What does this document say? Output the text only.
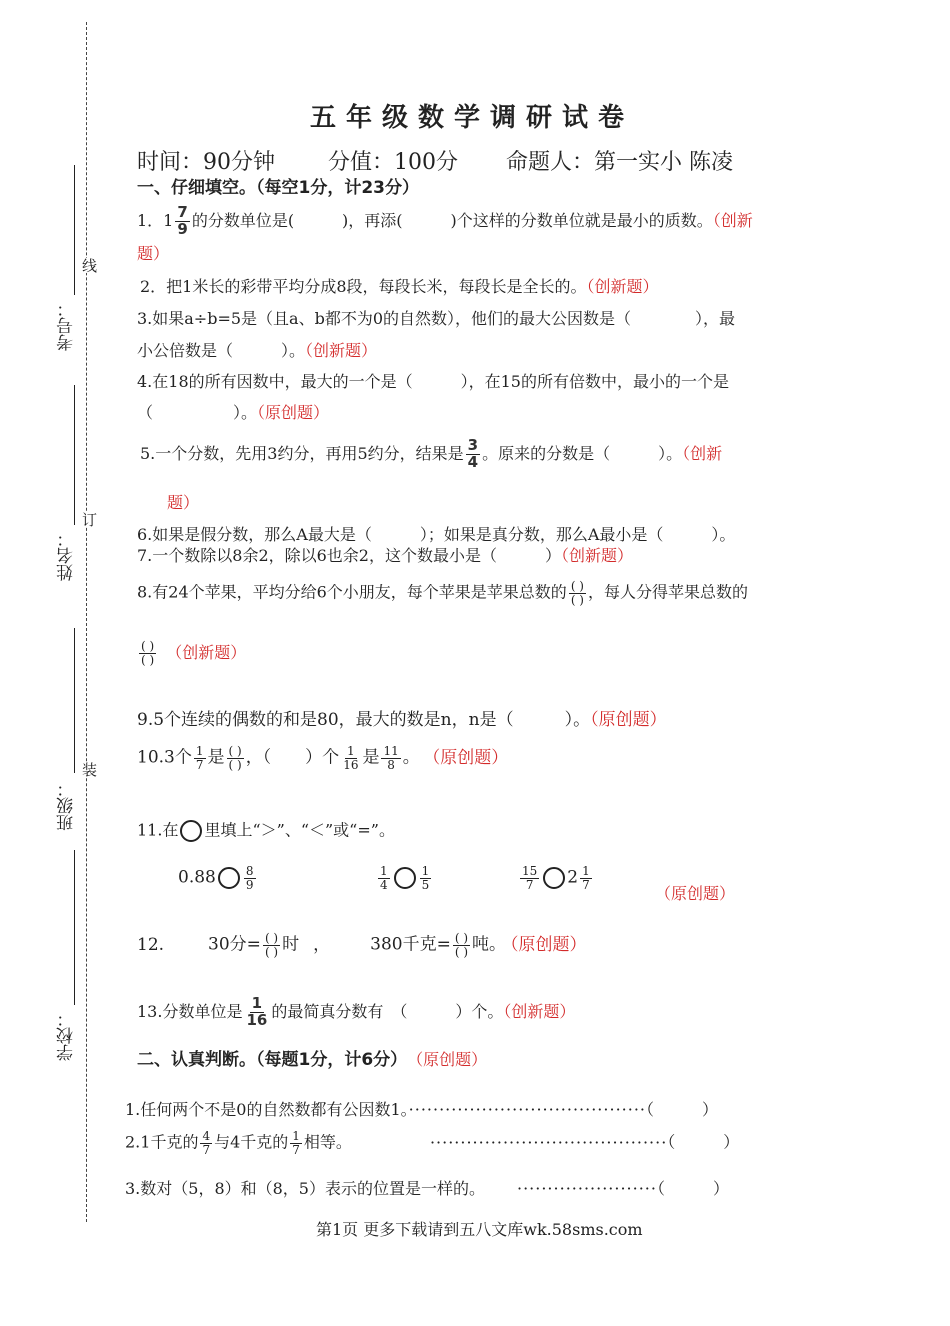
线
订
装
考号：
姓名：
班级：
学校：
五年级数学调研试卷
时间：90分钟 分值：100分 命题人：第一实小 陈凌
一、仔细填空。（每空1分，计23分）
1．$1 \frac{7}{9}$ 的分数单位是(　　　)，再添(　　　)个这样的分数单位就是最小的质数。（创新
题）
2．把1米长的彩带平均分成8段，每段长米，每段长是全长的。（创新题）
3.如果a÷b=5是（且a、b都不为0的自然数），他们的最大公因数是（　　　　），最
小公倍数是（　　　）。（创新题）
4.在18的所有因数中，最大的一个是（　　　），在15的所有倍数中，最小的一个是
（　　　　　）。（原创题）
5.一个分数，先用3约分，再用5约分，结果是 $\frac{3}{4}$ 。原来的分数是（　　　）。（创新
题）
6.如果是假分数，那么A最大是（　　　）；如果是真分数，那么A最小是（　　　）。
7.一个数除以8余2，除以6也余2，这个数最小是（　　　）（创新题）
8.有24个苹果，平均分给6个小朋友，每个苹果是苹果总数的 $\frac{( )}{( )}$ ，每人分得苹果总数的
$\frac{( )}{( )}$ （创新题）
9.5个连续的偶数的和是80，最大的数是n，n是（　　　）。（原创题）
10.3个 $\frac{1}{7}$ 是 $\frac{( )}{( )}$ ，（　　）个 $\frac{1}{16}$ 是 $\frac{11}{8}$ 。 （原创题）
11.在 里填上“＞”、“＜”或“=”。
$0.88 \frac{8}{9}$	$\frac{1}{4}$	$\frac{1}{5}$	$\frac{15}{7} 2 \frac{1}{7}$
（原创题）
12.	30分= $\frac{( )}{( )}$ 时 ， 380千克= $\frac{( )}{( )}$ 吨。 （原创题）
13.分数单位是 $\frac{1}{16}$ 的最简真分数有　（　　　）个。（创新题）
二、认真判断。（每题1分，计6分） （原创题）
1.任何两个不是0的自然数都有公因数1。·······································（　　　）
2.1千克的 $\frac{4}{7}$ 与4千克的 $\frac{1}{7}$ 相等。	·······································（　　　）
3.数对（5，8）和（8，5）表示的位置是一样的。	·······················（　　　）
第1页 更多下载请到五八文库wk.58sms.com
